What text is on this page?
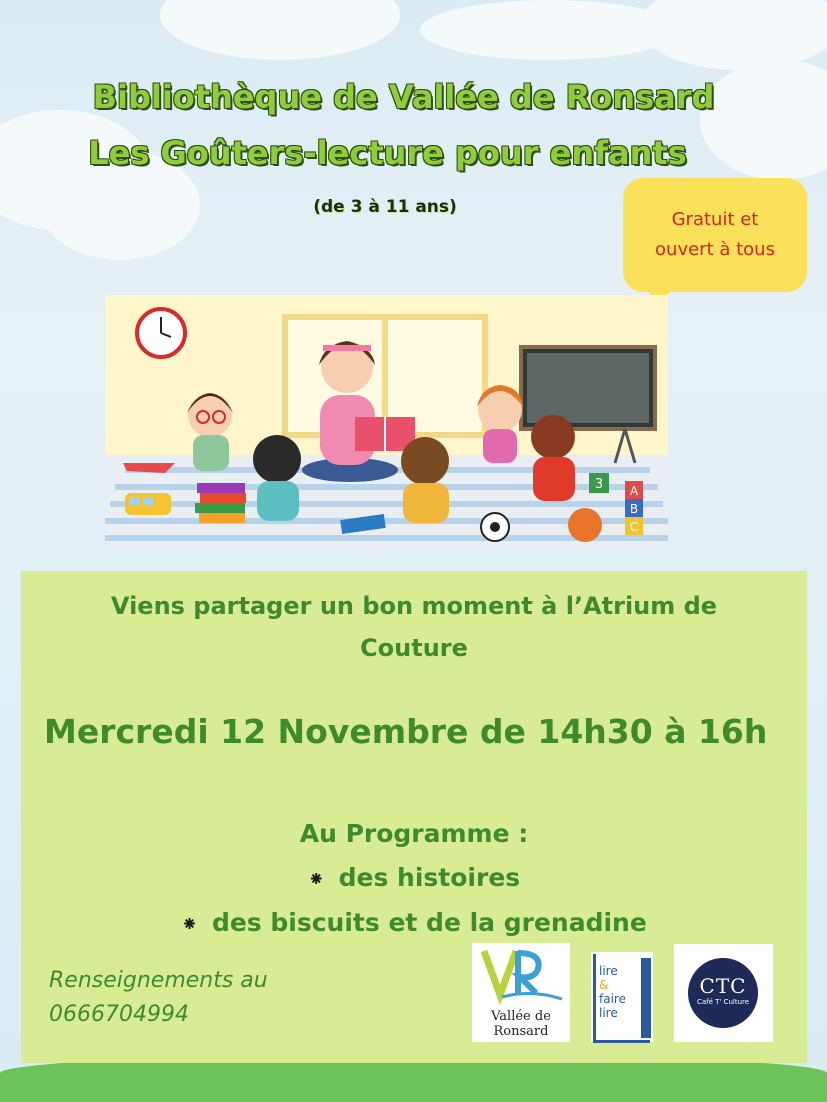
Bibliothèque de Vallée de Ronsard
Les Goûters-lecture pour enfants
(de 3 à 11 ans)
Gratuit et
ouvert à tous
3 A
B
C
Viens partager un bon moment à l’Atrium de
Couture
Mercredi 12 Novembre de 14h30 à 16h
Au Programme :
⁕ des histoires
⁕ des biscuits et de la grenadine
Renseignements au
0666704994	Vallée de
Ronsard
lire
&
faire
lire
CTC
Café T' Culture
